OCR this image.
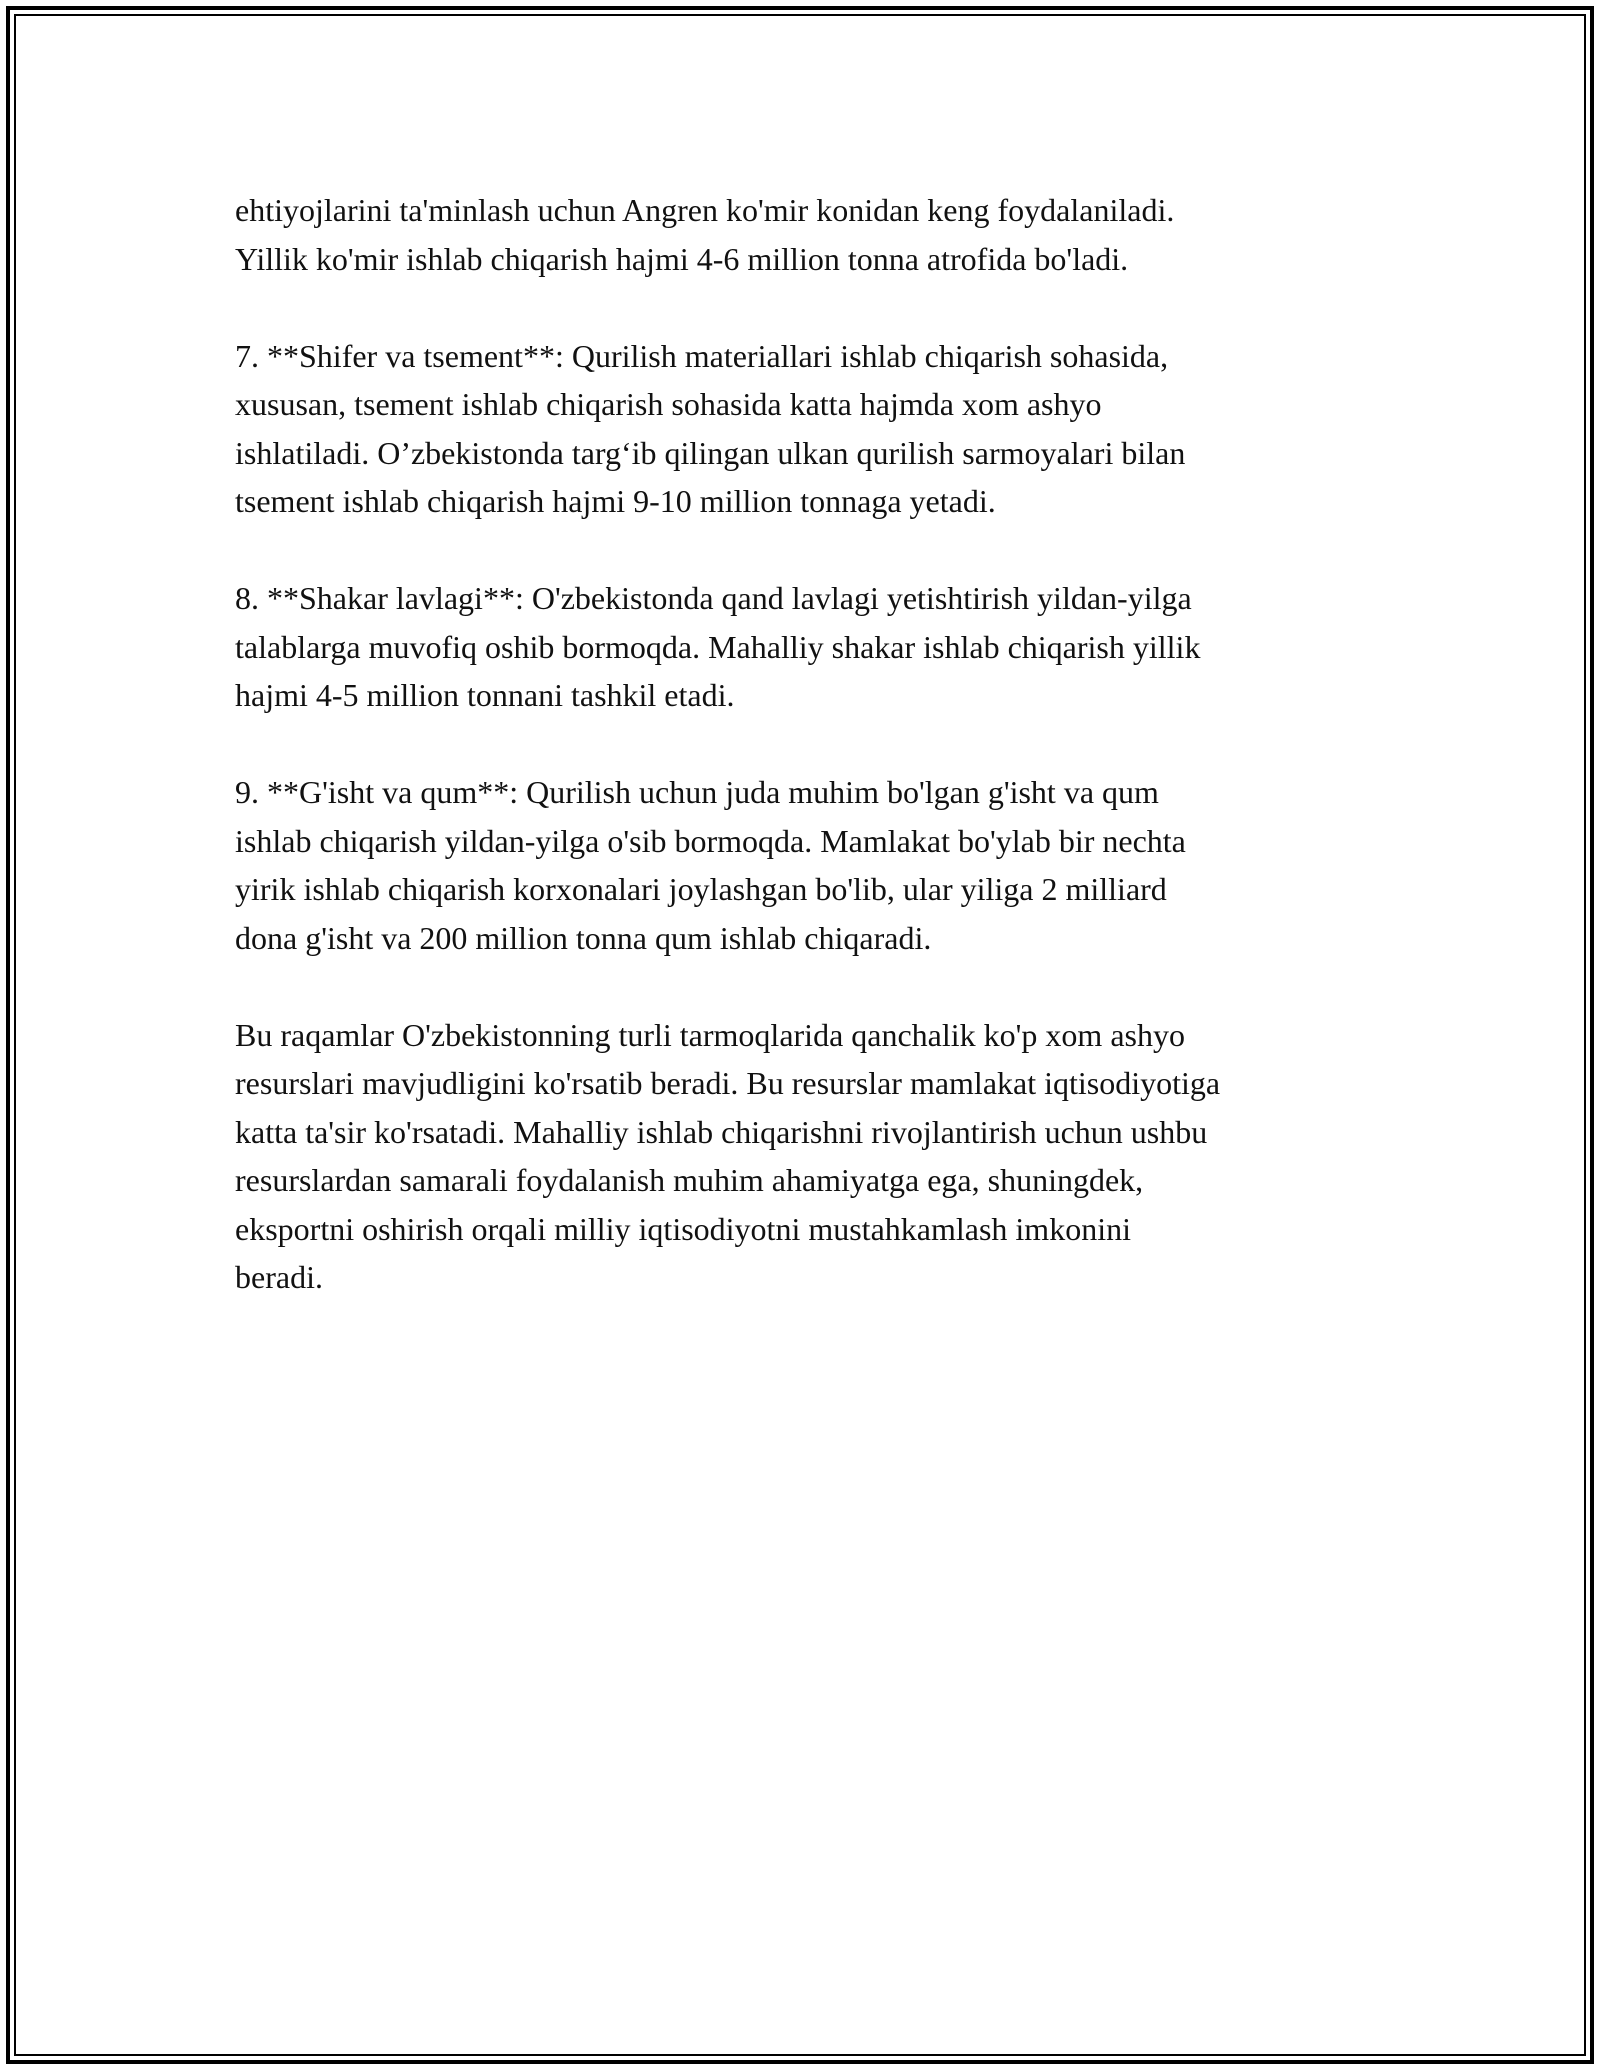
ehtiyojlarini ta'minlash uchun Angren ko'mir konidan keng foydalaniladi.
Yillik ko'mir ishlab chiqarish hajmi 4-6 million tonna atrofida bo'ladi.

7. **Shifer va tsement**: Qurilish materiallari ishlab chiqarish sohasida,
xususan, tsement ishlab chiqarish sohasida katta hajmda xom ashyo
ishlatiladi. O’zbekistonda targ‘ib qilingan ulkan qurilish sarmoyalari bilan
tsement ishlab chiqarish hajmi 9-10 million tonnaga yetadi.

8. **Shakar lavlagi**: O'zbekistonda qand lavlagi yetishtirish yildan-yilga
talablarga muvofiq oshib bormoqda. Mahalliy shakar ishlab chiqarish yillik
hajmi 4-5 million tonnani tashkil etadi.

9. **G'isht va qum**: Qurilish uchun juda muhim bo'lgan g'isht va qum
ishlab chiqarish yildan-yilga o'sib bormoqda. Mamlakat bo'ylab bir nechta
yirik ishlab chiqarish korxonalari joylashgan bo'lib, ular yiliga 2 milliard
dona g'isht va 200 million tonna qum ishlab chiqaradi.

Bu raqamlar O'zbekistonning turli tarmoqlarida qanchalik ko'p xom ashyo
resurslari mavjudligini ko'rsatib beradi. Bu resurslar mamlakat iqtisodiyotiga
katta ta'sir ko'rsatadi. Mahalliy ishlab chiqarishni rivojlantirish uchun ushbu
resurslardan samarali foydalanish muhim ahamiyatga ega, shuningdek,
eksportni oshirish orqali milliy iqtisodiyotni mustahkamlash imkonini
beradi.
